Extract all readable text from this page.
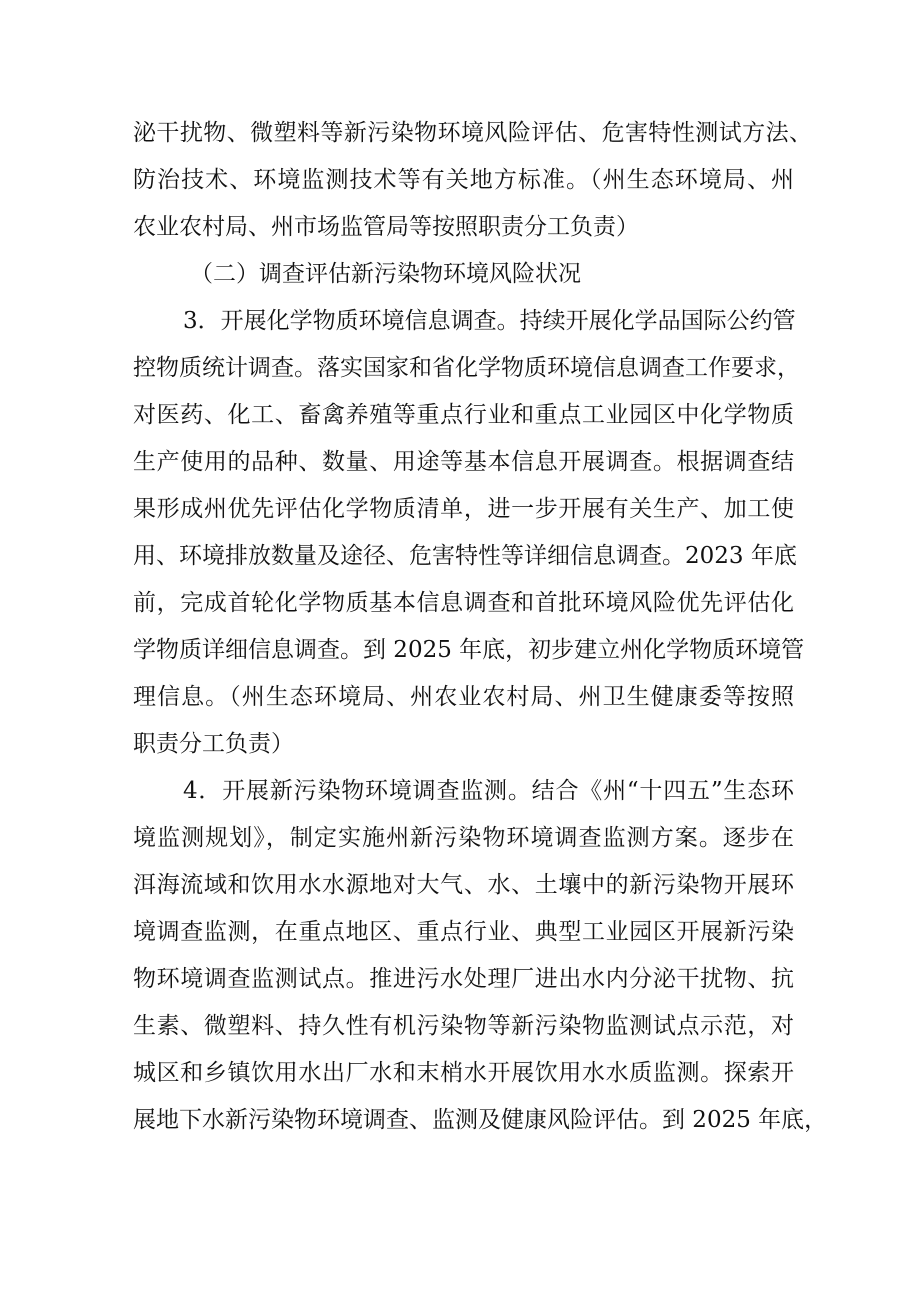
泌干扰物、微塑料等新污染物环境风险评估、危害特性测试方法、
防治技术、环境监测技术等有关地方标准。（州生态环境局、州
农业农村局、州市场监管局等按照职责分工负责）
（二）调查评估新污染物环境风险状况
3．开展化学物质环境信息调查。持续开展化学品国际公约管
控物质统计调查。落实国家和省化学物质环境信息调查工作要求，
对医药、化工、畜禽养殖等重点行业和重点工业园区中化学物质
生产使用的品种、数量、用途等基本信息开展调查。根据调查结
果形成州优先评估化学物质清单，进一步开展有关生产、加工使
用、环境排放数量及途径、危害特性等详细信息调查。2023 年底
前，完成首轮化学物质基本信息调查和首批环境风险优先评估化
学物质详细信息调查。到 2025 年底，初步建立州化学物质环境管
理信息。（州生态环境局、州农业农村局、州卫生健康委等按照
职责分工负责）
4．开展新污染物环境调查监测。结合《州“十四五”生态环
境监测规划》，制定实施州新污染物环境调查监测方案。逐步在
洱海流域和饮用水水源地对大气、水、土壤中的新污染物开展环
境调查监测，在重点地区、重点行业、典型工业园区开展新污染
物环境调查监测试点。推进污水处理厂进出水内分泌干扰物、抗
生素、微塑料、持久性有机污染物等新污染物监测试点示范，对
城区和乡镇饮用水出厂水和末梢水开展饮用水水质监测。探索开
展地下水新污染物环境调查、监测及健康风险评估。到 2025 年底，
